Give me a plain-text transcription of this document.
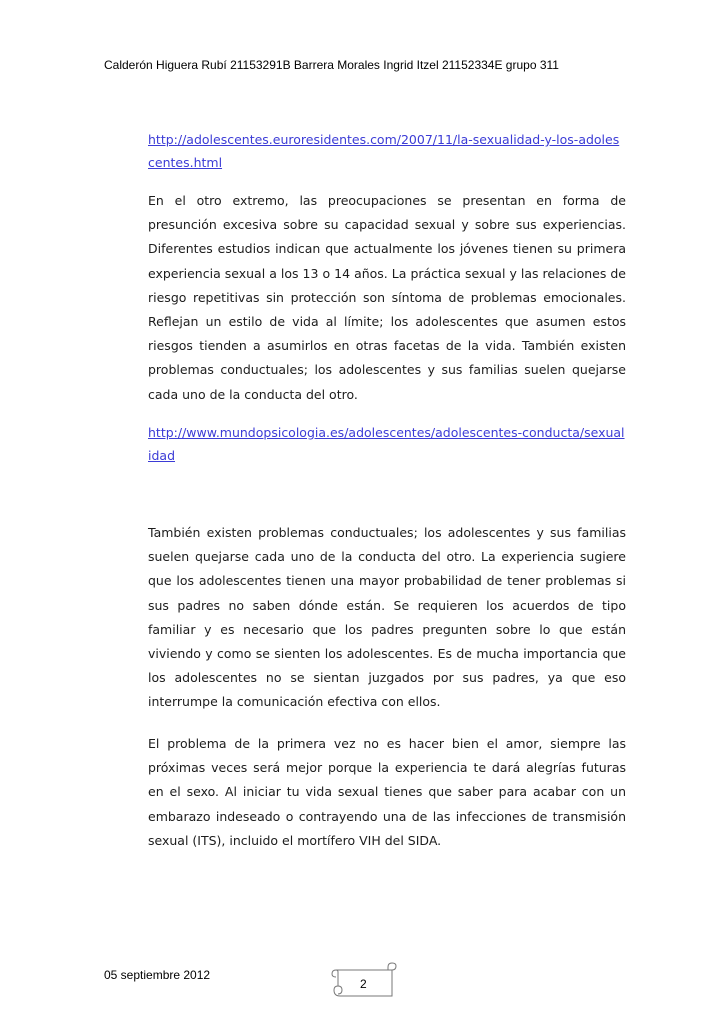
Calderón Higuera Rubí 21153291B Barrera Morales Ingrid Itzel 21152334E grupo 311
http://adolescentes.euroresidentes.com/2007/11/la-sexualidad-y-los-adolescentes.html
En el otro extremo, las preocupaciones se presentan en forma de presunción excesiva sobre su capacidad sexual y sobre sus experiencias. Diferentes estudios indican que actualmente los jóvenes tienen su primera experiencia sexual a los 13 o 14 años. La práctica sexual y las relaciones de riesgo repetitivas sin protección son síntoma de problemas emocionales. Reflejan un estilo de vida al límite; los adolescentes que asumen estos riesgos tienden a asumirlos en otras facetas de la vida. También existen problemas conductuales; los adolescentes y sus familias suelen quejarse cada uno de la conducta del otro.
http://www.mundopsicologia.es/adolescentes/adolescentes-conducta/sexualidad
También existen problemas conductuales; los adolescentes y sus familias suelen quejarse cada uno de la conducta del otro. La experiencia sugiere que los adolescentes tienen una mayor probabilidad de tener problemas si sus padres no saben dónde están. Se requieren los acuerdos de tipo familiar y es necesario que los padres pregunten sobre lo que están viviendo y como se sienten los adolescentes. Es de mucha importancia que los adolescentes no se sientan juzgados por sus padres, ya que eso interrumpe la comunicación efectiva con ellos.
El problema de la primera vez no es hacer bien el amor, siempre las próximas veces será mejor porque la experiencia te dará alegrías futuras en el sexo. Al iniciar tu vida sexual tienes que saber para acabar con un embarazo indeseado o contrayendo una de las infecciones de transmisión sexual (ITS), incluido el mortífero VIH del SIDA.
05 septiembre 2012
2
